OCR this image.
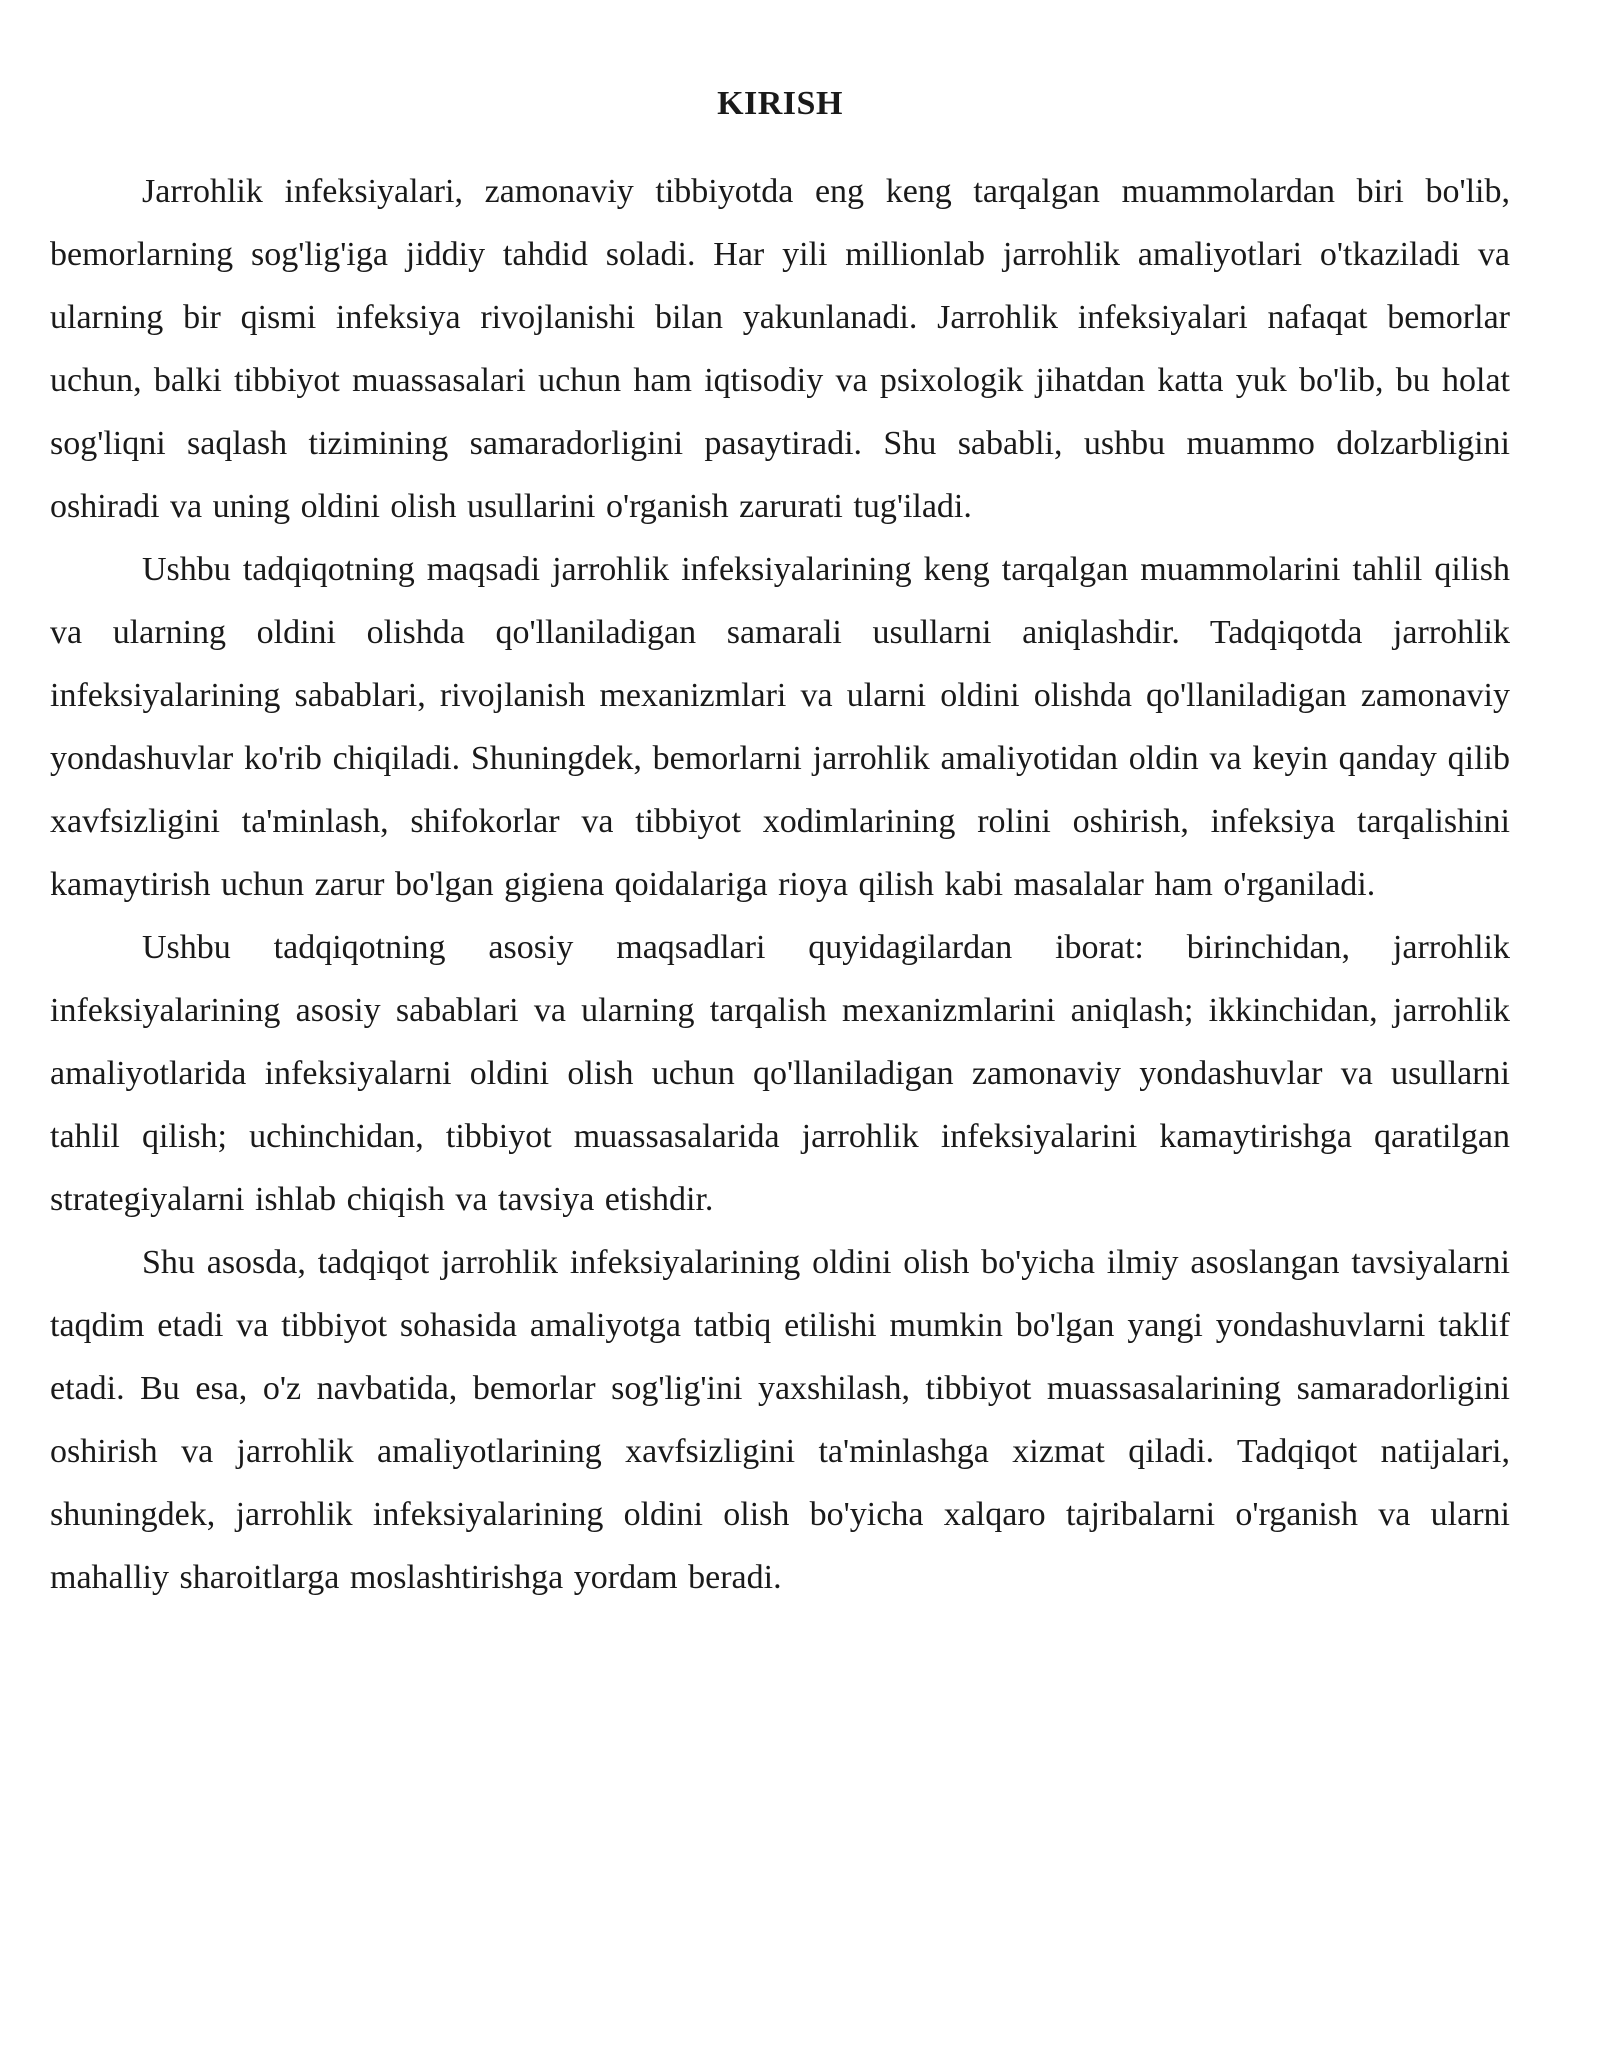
KIRISH

Jarrohlik infeksiyalari, zamonaviy tibbiyotda eng keng tarqalgan muammolardan biri bo'lib, bemorlarning sog'lig'iga jiddiy tahdid soladi. Har yili millionlab jarrohlik amaliyotlari o'tkaziladi va ularning bir qismi infeksiya rivojlanishi bilan yakunlanadi. Jarrohlik infeksiyalari nafaqat bemorlar uchun, balki tibbiyot muassasalari uchun ham iqtisodiy va psixologik jihatdan katta yuk bo'lib, bu holat sog'liqni saqlash tizimining samaradorligini pasaytiradi. Shu sababli, ushbu muammo dolzarbligini oshiradi va uning oldini olish usullarini o'rganish zarurati tug'iladi.

Ushbu tadqiqotning maqsadi jarrohlik infeksiyalarining keng tarqalgan muammolarini tahlil qilish va ularning oldini olishda qo'llaniladigan samarali usullarni aniqlashdir. Tadqiqotda jarrohlik infeksiyalarining sabablari, rivojlanish mexanizmlari va ularni oldini olishda qo'llaniladigan zamonaviy yondashuvlar ko'rib chiqiladi. Shuningdek, bemorlarni jarrohlik amaliyotidan oldin va keyin qanday qilib xavfsizligini ta'minlash, shifokorlar va tibbiyot xodimlarining rolini oshirish, infeksiya tarqalishini kamaytirish uchun zarur bo'lgan gigiena qoidalariga rioya qilish kabi masalalar ham o'rganiladi.

Ushbu tadqiqotning asosiy maqsadlari quyidagilardan iborat: birinchidan, jarrohlik infeksiyalarining asosiy sabablari va ularning tarqalish mexanizmlarini aniqlash; ikkinchidan, jarrohlik amaliyotlarida infeksiyalarni oldini olish uchun qo'llaniladigan zamonaviy yondashuvlar va usullarni tahlil qilish; uchinchidan, tibbiyot muassasalarida jarrohlik infeksiyalarini kamaytirishga qaratilgan strategiyalarni ishlab chiqish va tavsiya etishdir.

Shu asosda, tadqiqot jarrohlik infeksiyalarining oldini olish bo'yicha ilmiy asoslangan tavsiyalarni taqdim etadi va tibbiyot sohasida amaliyotga tatbiq etilishi mumkin bo'lgan yangi yondashuvlarni taklif etadi. Bu esa, o'z navbatida, bemorlar sog'lig'ini yaxshilash, tibbiyot muassasalarining samaradorligini oshirish va jarrohlik amaliyotlarining xavfsizligini ta'minlashga xizmat qiladi. Tadqiqot natijalari, shuningdek, jarrohlik infeksiyalarining oldini olish bo'yicha xalqaro tajribalarni o'rganish va ularni mahalliy sharoitlarga moslashtirishga yordam beradi.
